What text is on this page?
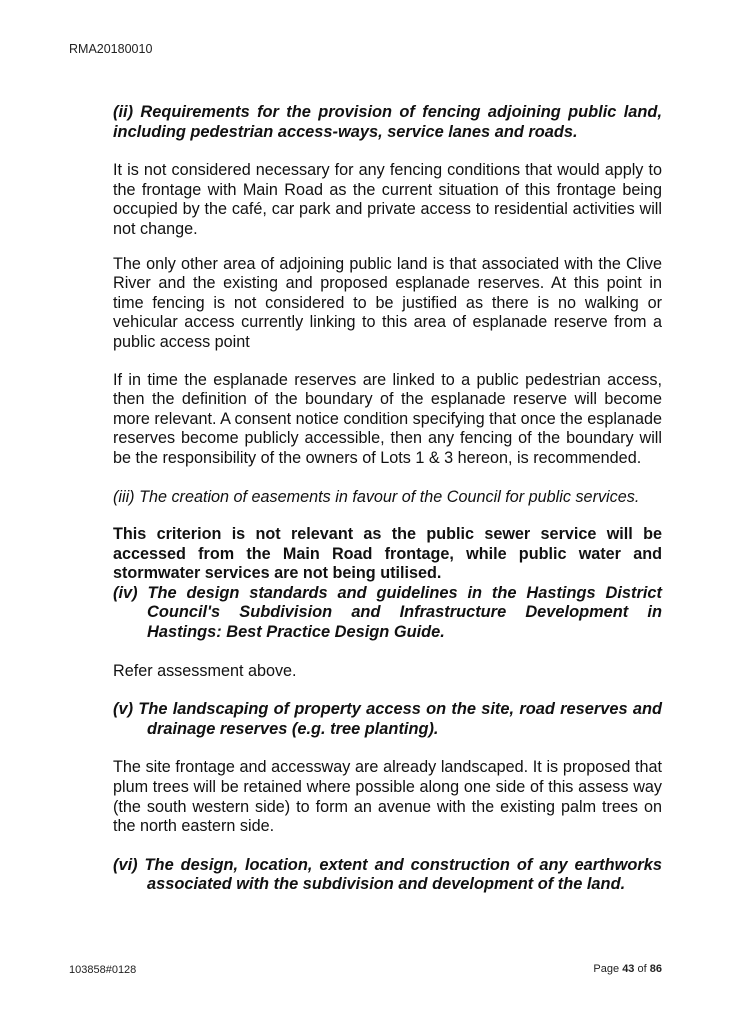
RMA20180010

(ii) Requirements for the provision of fencing adjoining public land, including pedestrian access-ways, service lanes and roads.

It is not considered necessary for any fencing conditions that would apply to the frontage with Main Road as the current situation of this frontage being occupied by the café, car park and private access to residential activities will not change.

The only other area of adjoining public land is that associated with the Clive River and the existing and proposed esplanade reserves. At this point in time fencing is not considered to be justified as there is no walking or vehicular access currently linking to this area of esplanade reserve from a public access point

If in time the esplanade reserves are linked to a public pedestrian access, then the definition of the boundary of the esplanade reserve will become more relevant. A consent notice condition specifying that once the esplanade reserves become publicly accessible, then any fencing of the boundary will be the responsibility of the owners of Lots 1 & 3 hereon, is recommended.

(iii) The creation of easements in favour of the Council for public services.

This criterion is not relevant as the public sewer service will be accessed from the Main Road frontage, while public water and stormwater services are not being utilised.

(iv) The design standards and guidelines in the Hastings District Council's Subdivision and Infrastructure Development in Hastings: Best Practice Design Guide.

Refer assessment above.

(v) The landscaping of property access on the site, road reserves and drainage reserves (e.g. tree planting).

The site frontage and accessway are already landscaped. It is proposed that plum trees will be retained where possible along one side of this assess way (the south western side) to form an avenue with the existing palm trees on the north eastern side.

(vi) The design, location, extent and construction of any earthworks associated with the subdivision and development of the land.

103858#0128	Page 43 of 86
